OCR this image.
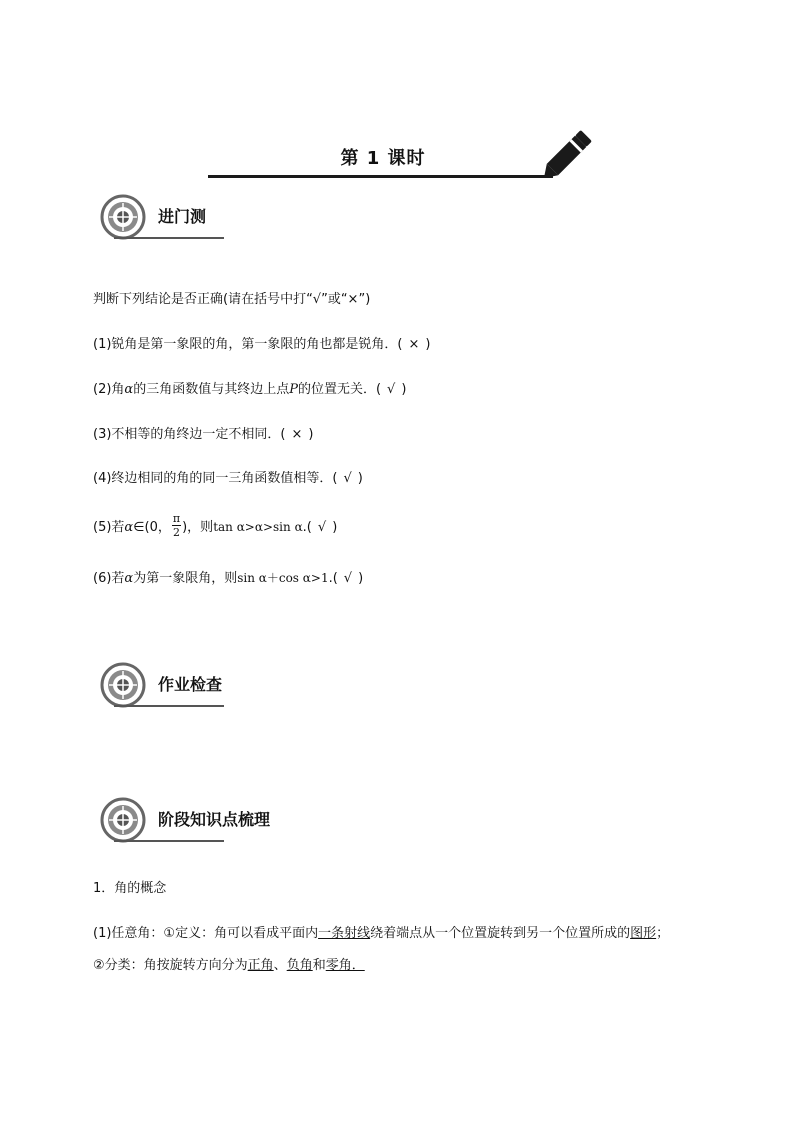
第 1 课时
进门测
判断下列结论是否正确(请在括号中打“√”或“×”)
(1)锐角是第一象限的角，第一象限的角也都是锐角．( × )
(2)角α的三角函数值与其终边上点P的位置无关．( √ )
(3)不相等的角终边一定不相同．( × )
(4)终边相同的角的同一三角函数值相等．( √ )
(5)若α∈(0， $\frac{\pi}{2}$ )，则tan α>α>sin α.( √ )
(6)若α为第一象限角，则sin α＋cos α>1.( √ )
作业检查
阶段知识点梳理
1．角的概念
(1)任意角：①定义：角可以看成平面内一条射线绕着端点从一个位置旋转到另一个位置所成的图形；
②分类：角按旋转方向分为正角、负角和零角．
